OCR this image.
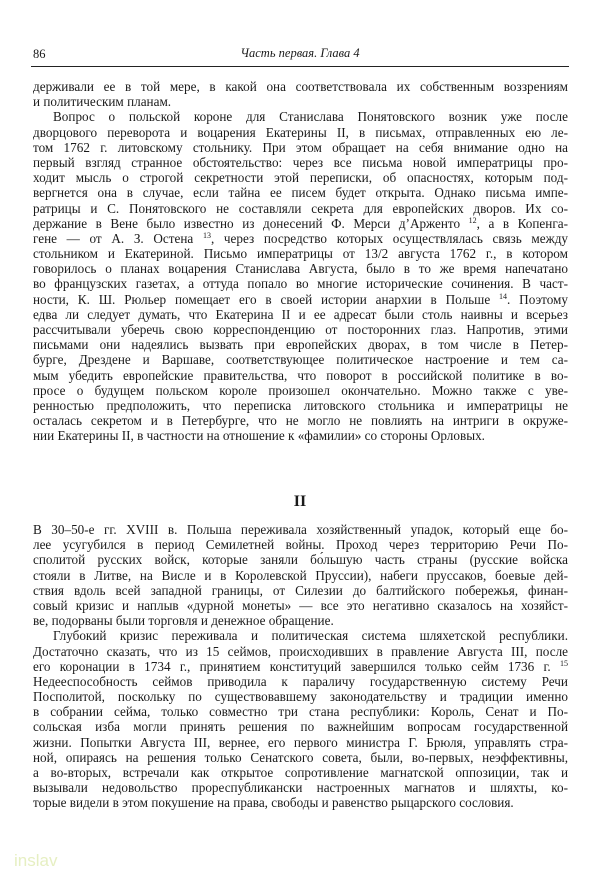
86	Часть первая. Глава 4
держивали ее в той мере, в какой она соответствовала их собственным воззрениям
и политическим планам.
Вопрос о польской короне для Станислава Понятовского возник уже после
дворцового переворота и воцарения Екатерины II, в письмах, отправленных ею ле-
том 1762 г. литовскому стольнику. При этом обращает на себя внимание одно на
первый взгляд странное обстоятельство: через все письма новой императрицы про-
ходит мысль о строгой секретности этой переписки, об опасностях, которым под-
вергнется она в случае, если тайна ее писем будет открыта. Однако письма импе-
ратрицы и С. Понятовского не составляли секрета для европейских дворов. Их со-
держание в Вене было известно из донесений Ф. Мерси д’Арженто $^{12}$, а в Копенга-
гене — от А. З. Остена $^{13}$, через посредство которых осуществлялась связь между
стольником и Екатериной. Письмо императрицы от 13/2 августа 1762 г., в котором
говорилось о планах воцарения Станислава Августа, было в то же время напечатано
во французских газетах, а оттуда попало во многие исторические сочинения. В част-
ности, К. Ш. Рюльер помещает его в своей истории анархии в Польше $^{14}$. Поэтому
едва ли следует думать, что Екатерина II и ее адресат были столь наивны и всерьез
рассчитывали уберечь свою корреспонденцию от посторонних глаз. Напротив, этими
письмами они надеялись вызвать при европейских дворах, в том числе в Петер-
бурге, Дрездене и Варшаве, соответствующее политическое настроение и тем са-
мым убедить европейские правительства, что поворот в российской политике в во-
просе о будущем польском короле произошел окончательно. Можно также с уве-
ренностью предположить, что переписка литовского стольника и императрицы не
осталась секретом и в Петербурге, что не могло не повлиять на интриги в окруже-
нии Екатерины II, в частности на отношение к «фамилии» со стороны Орловых.
II
В 30–50-е гг. XVIII в. Польша переживала хозяйственный упадок, который еще бо-
лее усугубился в период Семилетней войны. Проход через территорию Речи По-
сполитой русских войск, которые заняли бо́льшую часть страны (русские войска
стояли в Литве, на Висле и в Королевской Пруссии), набеги пруссаков, боевые дей-
ствия вдоль всей западной границы, от Силезии до балтийского побережья, финан-
совый кризис и наплыв «дурной монеты» — все это негативно сказалось на хозяйст-
ве, подорваны были торговля и денежное обращение.
Глубокий кризис переживала и политическая система шляхетской республики.
Достаточно сказать, что из 15 сеймов, происходивших в правление Августа III, после
его коронации в 1734 г., принятием конституций завершился только сейм 1736 г. $^{15}$
Недееспособность сеймов приводила к параличу государственную систему Речи
Посполитой, поскольку по существовавшему законодательству и традиции именно
в собрании сейма, только совместно три стана республики: Король, Сенат и По-
сольская изба могли принять решения по важнейшим вопросам государственной
жизни. Попытки Августа III, вернее, его первого министра Г. Брюля, управлять стра-
ной, опираясь на решения только Сенатского совета, были, во-первых, неэффективны,
а во-вторых, встречали как открытое сопротивление магнатской оппозиции, так и
вызывали недовольство прореспубликански настроенных магнатов и шляхты, ко-
торые видели в этом покушение на права, свободы и равенство рыцарского сословия.
inslav
